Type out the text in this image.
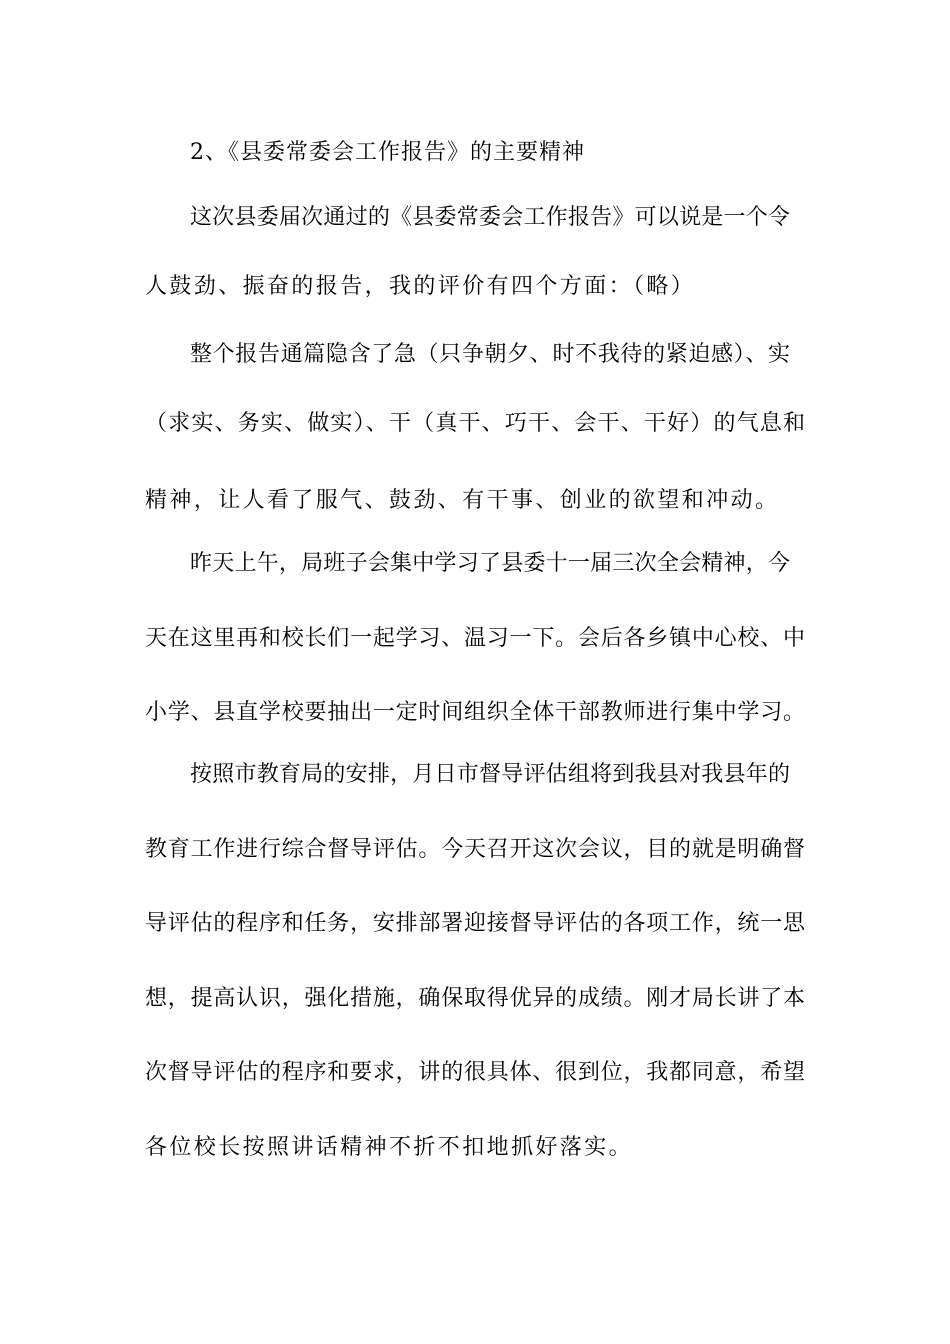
2、《县委常委会工作报告》的主要精神

这次县委届次通过的《县委常委会工作报告》可以说是一个令

人鼓劲、振奋的报告，我的评价有四个方面：（略）

整个报告通篇隐含了急（只争朝夕、时不我待的紧迫感）、实

（求实、务实、做实）、干（真干、巧干、会干、干好）的气息和

精神，让人看了服气、鼓劲、有干事、创业的欲望和冲动。

昨天上午，局班子会集中学习了县委十一届三次全会精神，今

天在这里再和校长们一起学习、温习一下。会后各乡镇中心校、中

小学、县直学校要抽出一定时间组织全体干部教师进行集中学习。

按照市教育局的安排，月日市督导评估组将到我县对我县年的

教育工作进行综合督导评估。今天召开这次会议，目的就是明确督

导评估的程序和任务，安排部署迎接督导评估的各项工作，统一思

想，提高认识，强化措施，确保取得优异的成绩。刚才局长讲了本

次督导评估的程序和要求，讲的很具体、很到位，我都同意，希望

各位校长按照讲话精神不折不扣地抓好落实。
